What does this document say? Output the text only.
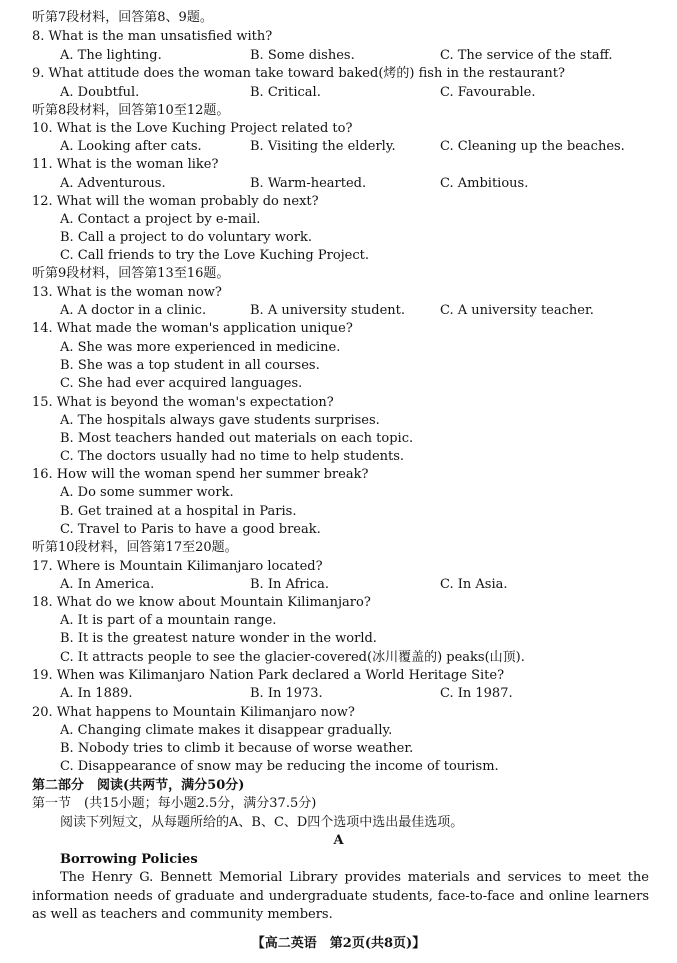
听第7段材料，回答第8、9题。
8. What is the man unsatisfied with?
A. The lighting.	B. Some dishes.	C. The service of the staff.
9. What attitude does the woman take toward baked(烤的) fish in the restaurant?
A. Doubtful.	B. Critical.	C. Favourable.
听第8段材料，回答第10至12题。
10. What is the Love Kuching Project related to?
A. Looking after cats.	B. Visiting the elderly.	C. Cleaning up the beaches.
11. What is the woman like?
A. Adventurous.	B. Warm-hearted.	C. Ambitious.
12. What will the woman probably do next?
A. Contact a project by e-mail.
B. Call a project to do voluntary work.
C. Call friends to try the Love Kuching Project.
听第9段材料，回答第13至16题。
13. What is the woman now?
A. A doctor in a clinic.	B. A university student.	C. A university teacher.
14. What made the woman's application unique?
A. She was more experienced in medicine.
B. She was a top student in all courses.
C. She had ever acquired languages.
15. What is beyond the woman's expectation?
A. The hospitals always gave students surprises.
B. Most teachers handed out materials on each topic.
C. The doctors usually had no time to help students.
16. How will the woman spend her summer break?
A. Do some summer work.
B. Get trained at a hospital in Paris.
C. Travel to Paris to have a good break.
听第10段材料，回答第17至20题。
17. Where is Mountain Kilimanjaro located?
A. In America.	B. In Africa.	C. In Asia.
18. What do we know about Mountain Kilimanjaro?
A. It is part of a mountain range.
B. It is the greatest nature wonder in the world.
C. It attracts people to see the glacier-covered(冰川覆盖的) peaks(山顶).
19. When was Kilimanjaro Nation Park declared a World Heritage Site?
A. In 1889.	B. In 1973.	C. In 1987.
20. What happens to Mountain Kilimanjaro now?
A. Changing climate makes it disappear gradually.
B. Nobody tries to climb it because of worse weather.
C. Disappearance of snow may be reducing the income of tourism.
第二部分　阅读(共两节，满分50分)
第一节　(共15小题；每小题2.5分，满分37.5分)
阅读下列短文，从每题所给的A、B、C、D四个选项中选出最佳选项。
A
Borrowing Policies
The Henry G. Bennett Memorial Library provides materials and services to meet the information needs of graduate and undergraduate students, face-to-face and online learners as well as teachers and community members.
【高二英语　第2页(共8页)】
